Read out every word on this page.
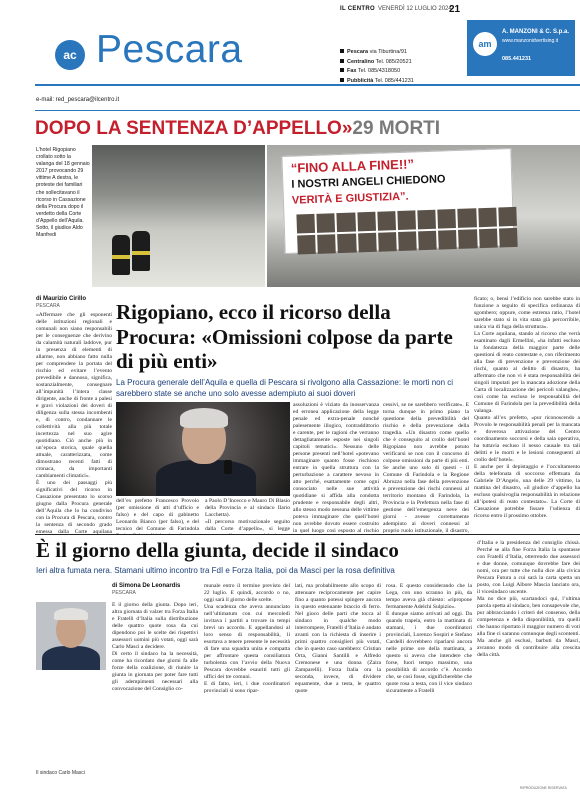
IL CENTRO VENERDÌ 12 LUGLIO 2024
21
ac Pescara	Pescara via Tiburtina/91
Centralino Tel. 085/20521
Fax Tel. 085/4318050
Pubblicità Tel. 085/441231
am
A. MANZONI & C. S.p.a.
www.manzonidvertising.it
085.441231
e-mail: red_pescara@ilcentro.it
DOPO LA SENTENZA D’APPELLO»29 MORTI
L’hotel Rigopiano crollato sotto la valanga del 18 gennaio 2017 provocando 29 vittime A destra, le proteste dei familiari che sollecitavano il ricorso in Cassazione della Procura dopo il verdetto della Corte d’Appello dell’Aquila. Sotto, il giudice Aldo Manfredi
“FINO ALLA FINE!!”
I NOSTRI ANGELI CHIEDONO
VERITÀ E GIUSTIZIA”.
di Maurizio Cirillo
PESCARA	Rigopiano, ecco il ricorso della Procura: «Omissioni colpose da parte di più enti»
La Procura generale dell’Aquila e quella di Pescara si rivolgono alla Cassazione: le morti non ci sarebbero state se anche uno solo avesse adempiuto ai suoi doveri
«Affermare che gli esponenti delle istituzioni regionali e comunali non siano responsabili per le conseguenze che derivino da calamità naturali laddove, pur in presenza di elementi di allarme, non abbiano fatto nulla per comprendere la portata del rischio ed evitare l’evento prevedibile e dannoso, significa, sostanzialmente, consegnare all’impunità l’intera classe dirigente, anche di fronte a palesi e gravi violazioni dei doveri di diligenza sulla stessa incombenti e, di contro, condannare le collettività alla più totale incertezza nel suo agire quotidiano. Ciò anche più in un’epoca storica, quale quella attuale, caratterizzata, come dimostrano recenti fatti di cronaca, da importanti cambiamenti climatici».
È uno dei passaggi più significativi del ricorso in Cassazione presentato lo scorso giugno dalla Procura generale dell’Aquila che lo ha condiviso con la Procura di Pescara, contro la sentenza di secondo grado emessa dalla Corte aquilana
dell’ex prefetto Francesco Provolo (per omissione di atti d’ufficio e falso) e del capo di gabinetto Leonardo Bianco (per falso), e del tecnico del Comune di Farindola
a Paolo D’Incecco e Mauro Di Blasio della Provincia e al sindaco Ilario Lacchetta).
«Il percorso motivazionale seguito dalla Corte d’appello», si legge
assoluzioni è viziato da inosservanza ed erronea applicazione della legge penale ed extra-penale nonché palesemente illogico, contraddittorio e carente, per le ragioni che verranno dettagliatamente esposte nei singoli capitoli tematici». Nessuno delle persone presenti nell’hotel «potevano immaginare quanto fosse rischioso entrare in quella struttura con la perturbazione a carattere nevoso in atto perché, esattamente come ogni consociato nelle sue attività quotidiane si affida alla condotta prudente e responsabile degli altri, allo stesso modo nessuna delle vittime poteva immaginare che quell’hotel non avrebbe dovuto essere costruito in quel luogo così esposto al rischio
cessivi, se ne sarebbero verificate». E torna dunque in primo piano la questione della prevedibilità del rischio e della prevenzione della tragedia. «Un disastro come quello che è conseguito al crollo dell’hotel Rigopiano non avrebbe potuto verificarsi se non con il concorso di colpose omissioni da parte di più enti. Se anche uno solo di questi - il Comune di Farindola e la Regione Abruzzo nella fase della prevenzione e prevenzione dei rischi connessi al territorio montano di Farindola, la Provincia e la Prefettura nella fase di gestione dell’emergenza neve dei giorni - avesse correttamente adempiuto ai doveri connessi al proprio ruolo istituzionale, il disastro,
ficato; o, bensì l’edificio non sarebbe stato in funzione a seguito di specifica ordinanza di sgombero; oppure, come estrema ratio, l’hotel sarebbe stato sì in vita stata già percorribile, unica via di fuga della struttura».
La Corte aquilana, stando al ricorso che verrà esaminato dagli Ermellini, «ha infatti escluso la fondatezza della maggior parte delle questioni di reato contestate e, con riferimento alla fase di prevenzione e prevenzione dei rischi, quanto al delitto di disastro, ha affermato che non vi è stata responsabilità dei singoli imputati per la mancata adozione della Carta di localizzazione dei pericoli valanghe», così come ha escluso le responsabilità del Comune di Farindola per la prevedibilità della valanga.
Quanto all’ex prefetto, «pur riconoscendo a Provolo le responsabilità penali per la mancata e doverosa attivazione del Centro coordinamento soccorsi e della sala operativa, ha tuttavia escluso il nesso causale tra tali delitti e le morti e le lesioni conseguenti al crollo dell’hotel».
E anche per il depistaggio e l’occultamento della telefonata di soccorso effettuata da Gabriele D’Angelo, una delle 29 vittime, la mattina del disastro, «il giudice d’appello ha escluso qualsivoglia responsabilità in relazione all’ipotesi di reato contestato». La Corte di Cassazione potrebbe fissare l’udienza di ricorso entro il prossimo ottobre.
È il giorno della giunta, decide il sindaco
Ieri altra fumata nera. Stamani ultimo incontro tra FdI e Forza Italia, poi da Masci per la rosa definitiva
Il sindaco Carlo Masci
di Simona De Leonardis
PESCARA
È il giorno della giunta. Dopo ieri, altra giornata di valzer tra Forza Italia e Fratelli d’Italia sulla distribuzione delle quattro quote rosa da cui dipendono poi le scelte dei rispettivi assessori uomini più votati, oggi sarà Carlo Masci a decidere.
Di certo il sindaco ha la necessità, come ha ricordato due giorni fa alle forze della coalizione, di riunire la giunta in giornata per poter fare tutti gli adempimenti necessari alla convocazione del Consiglio co-
munale entro il termine previsto del 22 luglio. E quindi, accordo o no, oggi sarà il giorno delle scelte.
Una scadenza che aveva annunciato nell’ultimatum con cui mercoledì invitava i partiti a trovare in tempi brevi un accordo. E appellandosi al loro senso di responsabilità, li esortava a tenere presente le necessità di fare una squadra unita e compatta per affrontare questa consiliatura turbolenta con l’avvio della Nuova Pescara dovrebbe esauriti tutti gli uffici dei tre comuni.
E di fatto, ieri, i due coordinatori provinciali si sono ripar-
lati, ma probabilmente allo scopo di attenuare reciprocamente per capire fino a quanto potessi spingere ancora in questo estenuante braccio di ferro. Nel gioco delle parti che tocca al sindaco in qualche modo interrompere, Fratelli d’Italia è andato avanti con la richiesta di inserire i primi quattro consiglieri più votati, che in questo caso sarebbero: Cristian Orta, Gianni Santilli e Alfredo Cremonese e una donna (Zaira Zamparelli). Forza Italia ora la seconda, invece, di dividere equamente, due a testa, le quattro quote
rosa. E questo considerando che la Lega, con uno scranno in più, da tempo aveva già chiesto: «ripropone fermamente Adelchi Sulpizio».
E dunque siamo arrivati ad oggi. Da quando trapela, entro la mattinata di stamani, i due coordinatori provinciali, Lorenzo Sospiri e Stefano Cardelli dovrebbero riparlarsi ancora nelle prime ore della mattinata, a questo si aveva che intendere che forse, fuori tempo massimo, una possibilità di accordo c’è. Accordo che, se così fosse, significherebbe che quote rosa a testa, con il vice sindaco sicuramente a Fratelli
d’Italia e la presidenza del consiglio chissà. Perché se alla fine Forza Italia la spuntasse con Fratelli d’Italia, otterrendo due assessori e due donne, comunque dovrebbe fare dei nomi, ora per tutte che nulla dice alla civica Pescara Futura a cui sarà la carta spetta un posto, con Luigi Albore Mascia lanciato ora, il vicesindaco uscente.
Ma no dice più, scartandoci qui, l’ultima parola spetta al sindaco, ben consapevole che, pur abbracciando i criteri del consenso, della competenza e della disponibilità, tra quelli che hanno riportato il maggior numero di voti alla fine ci saranno comunque degli scontenti. Ma anche gli esclusi, barbuti da Masci, avranno modo di contribuire alla crescita della città.
RIPRODUZIONE RISERVATA
